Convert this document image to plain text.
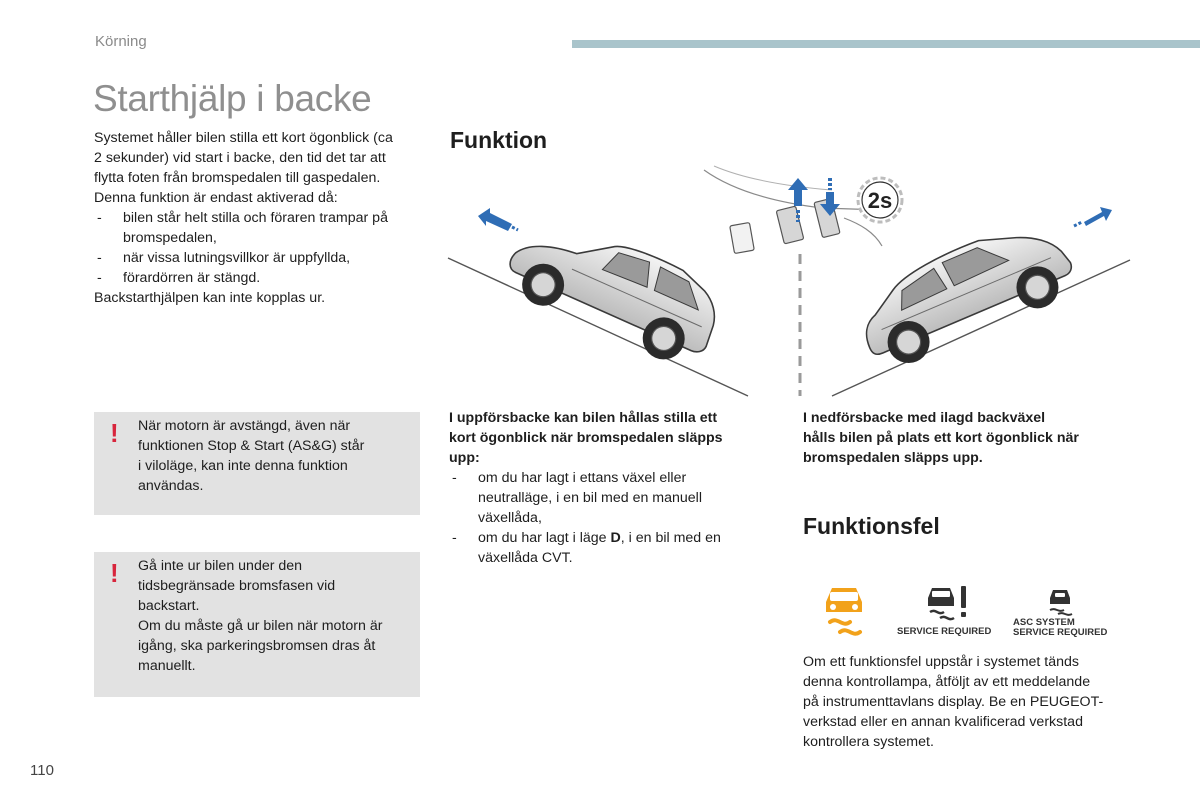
Körning
Starthjälp i backe
Systemet håller bilen stilla ett kort ögonblick (ca
2 sekunder) vid start i backe, den tid det tar att
flytta foten från bromspedalen till gaspedalen.
Denna funktion är endast aktiverad då:
- bilen står helt stilla och föraren trampar på bromspedalen,
- när vissa lutningsvillkor är uppfyllda,
- förardörren är stängd.
Backstarthjälpen kan inte kopplas ur.
! När motorn är avstängd, även när
funktionen Stop & Start (AS&G) står
i viloläge, kan inte denna funktion
användas.
! Gå inte ur bilen under den
tidsbegränsade bromsfasen vid
backstart.
Om du måste gå ur bilen när motorn är
igång, ska parkeringsbromsen dras åt
manuellt.
Funktion
2s
I uppförsbacke kan bilen hållas stilla ett
kort ögonblick när bromspedalen släpps
upp:
- om du har lagt i ettans växel eller neutralläge, i en bil med en manuell växellåda,
- om du har lagt i läge D, i en bil med en växellåda CVT.
I nedförsbacke med ilagd backväxel
hålls bilen på plats ett kort ögonblick när
bromspedalen släpps upp.
Funktionsfel
SERVICE REQUIRED
ASC SYSTEM
SERVICE REQUIRED
Om ett funktionsfel uppstår i systemet tänds
denna kontrollampa, åtföljt av ett meddelande
på instrumenttavlans display. Be en PEUGEOT-
verkstad eller en annan kvalificerad verkstad
kontrollera systemet.
110
